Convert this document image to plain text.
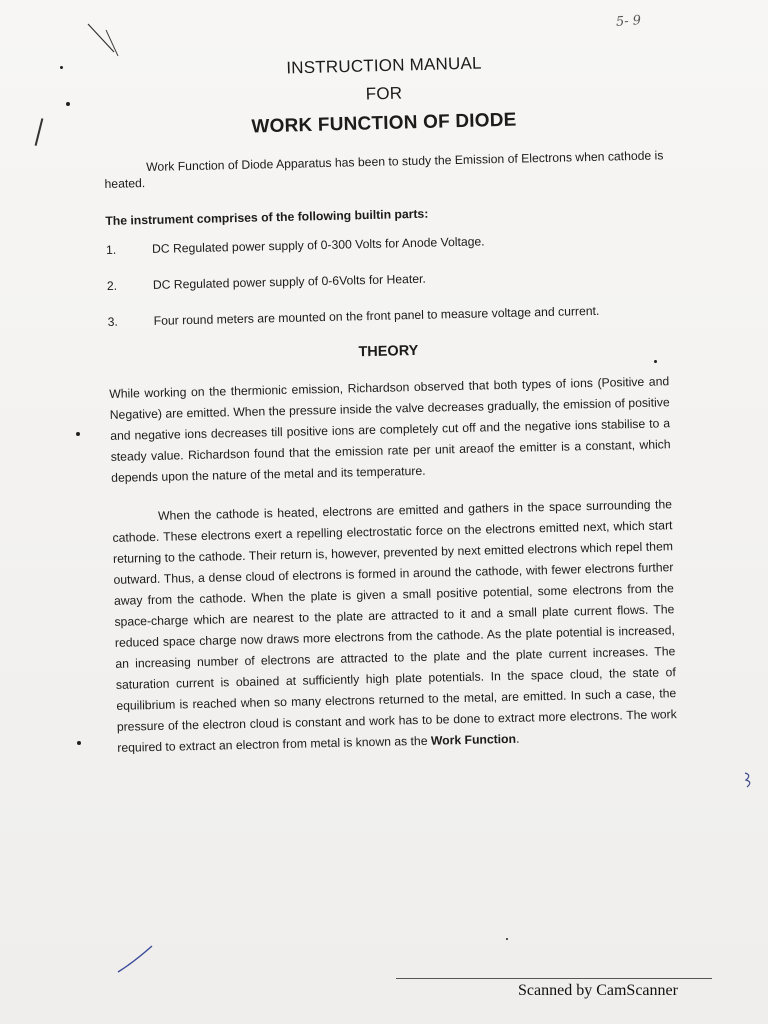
5- 9
INSTRUCTION MANUAL
FOR
WORK FUNCTION OF DIODE

Work Function of Diode Apparatus has been to study the Emission of Electrons when cathode is heated.

The instrument comprises of the following builtin parts:
1.	DC Regulated power supply of 0-300 Volts for Anode Voltage.
2.	DC Regulated power supply of 0-6Volts for Heater.
3.	Four round meters are mounted on the front panel to measure voltage and current.
THEORY

While working on the thermionic emission, Richardson observed that both types of ions (Positive and Negative) are emitted. When the pressure inside the valve decreases gradually, the emission of positive and negative ions decreases till positive ions are completely cut off and the negative ions stabilise to a steady value. Richardson found that the emission rate per unit areaof the emitter is a constant, which depends upon the nature of the metal and its temperature.

When the cathode is heated, electrons are emitted and gathers in the space surrounding the cathode. These electrons exert a repelling electrostatic force on the electrons emitted next, which start returning to the cathode. Their return is, however, prevented by next emitted electrons which repel them outward. Thus, a dense cloud of electrons is formed in around the cathode, with fewer electrons further away from the cathode. When the plate is given a small positive potential, some electrons from the space-charge which are nearest to the plate are attracted to it and a small plate current flows. The reduced space charge now draws more electrons from the cathode. As the plate potential is increased, an increasing number of electrons are attracted to the plate and the plate current increases. The saturation current is obained at sufficiently high plate potentials. In the space cloud, the state of equilibrium is reached when so many electrons returned to the metal, are emitted. In such a case, the pressure of the electron cloud is constant and work has to be done to extract more electrons. The work required to extract an electron from metal is known as the Work Function.

Scanned by CamScanner
